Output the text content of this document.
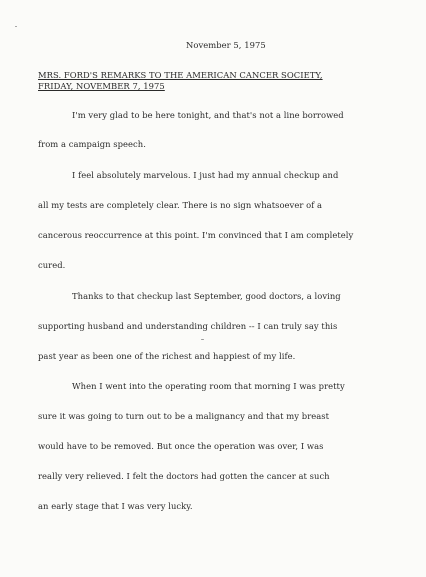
November 5, 1975
MRS. FORD'S REMARKS TO THE AMERICAN CANCER SOCIETY,
FRIDAY, NOVEMBER 7, 1975
I'm very glad to be here tonight, and that's not a line borrowed
from a campaign speech.
I feel absolutely marvelous. I just had my annual checkup and
all my tests are completely clear. There is no sign whatsoever of a
cancerous reoccurrence at this point. I'm convinced that I am completely
cured.
Thanks to that checkup last September, good doctors, a loving
supporting husband and understanding children -- I can truly say this
past year as been one of the richest and happiest of my life.
When I went into the operating room that morning I was pretty
sure it was going to turn out to be a malignancy and that my breast
would have to be removed. But once the operation was over, I was
really very relieved. I felt the doctors had gotten the cancer at such
an early stage that I was very lucky.
